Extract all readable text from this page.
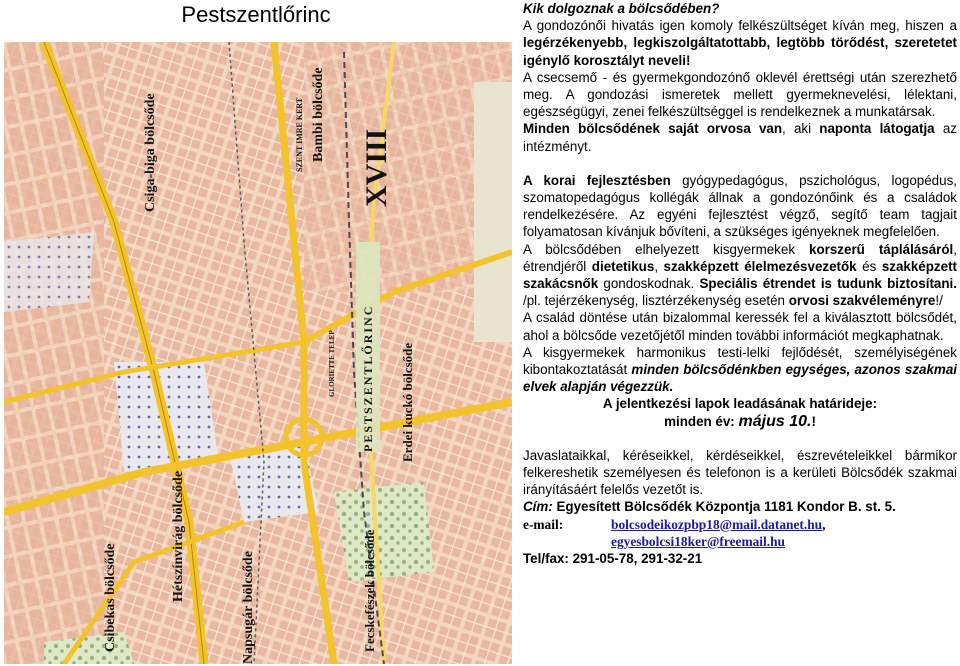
Pestszentlőrinc
Csiga-biga bölcsőde	Bambi bölcsőde
SZENT IMRE KERT XVIII
PESTSZENTLŐRINC
GLORIETTE TELEP	Erdei kuckó bölcsőde
Hétszínvirág bölcsőde
Csibekas bölcsőde	Napsugár bölcsőde	Fecskefészek bölcsőde

Kik dolgoznak a bölcsődében?

A gondozónői hivatás igen komoly felkészültséget kíván meg, hiszen a legérzékenyebb, legkiszolgáltatottabb, legtöbb törődést, szeretetet igénylő korosztályt neveli!

A csecsemő - és gyermekgondozónő oklevél érettségi után szerezhető meg. A gondozási ismeretek mellett gyermeknevelési, lélektani, egészségügyi, zenei felkészültséggel is rendelkeznek a munkatársak.

Minden bölcsődének saját orvosa van, aki naponta látogatja az intézményt.

A korai fejlesztésben gyógypedagógus, pszichológus, logopédus, szomatopedagógus kollégák állnak a gondozónőink és a családok rendelkezésére. Az egyéni fejlesztést végző, segítő team tagjait folyamatosan kívánjuk bővíteni, a szükséges igényeknek megfelelően.

A bölcsődében elhelyezett kisgyermekek korszerű táplálásáról, étrendjéről dietetikus, szakképzett élelmezésvezetők és szakképzett szakácsnők gondoskodnak. Speciális étrendet is tudunk biztosítani. /pl. tejérzékenység, lisztérzékenység esetén orvosi szakvéleményre!/

A család döntése után bizalommal keressék fel a kiválasztott bölcsődét, ahol a bölcsőde vezetőjétől minden további információt megkaphatnak.

A kisgyermekek harmonikus testi-lelki fejlődését, személyiségének kibontakoztatását minden bölcsődénkben egységes, azonos szakmai elvek alapján végezzük.

A jelentkezési lapok leadásának határideje:

minden év: május 10.!

Javaslataikkal, kéréseikkel, kérdéseikkel, észrevételeikkel bármikor felkereshetik személyesen és telefonon is a kerületi Bölcsődék szakmai irányításáért felelős vezetőt is.

Cím: Egyesített Bölcsődék Központja 1181 Kondor B. st. 5.

e-mail:	bolcsodeikozpbp18@mail.datanet.hu,
egyesbolcsi18ker@freemail.hu

Tel/fax: 291-05-78, 291-32-21
